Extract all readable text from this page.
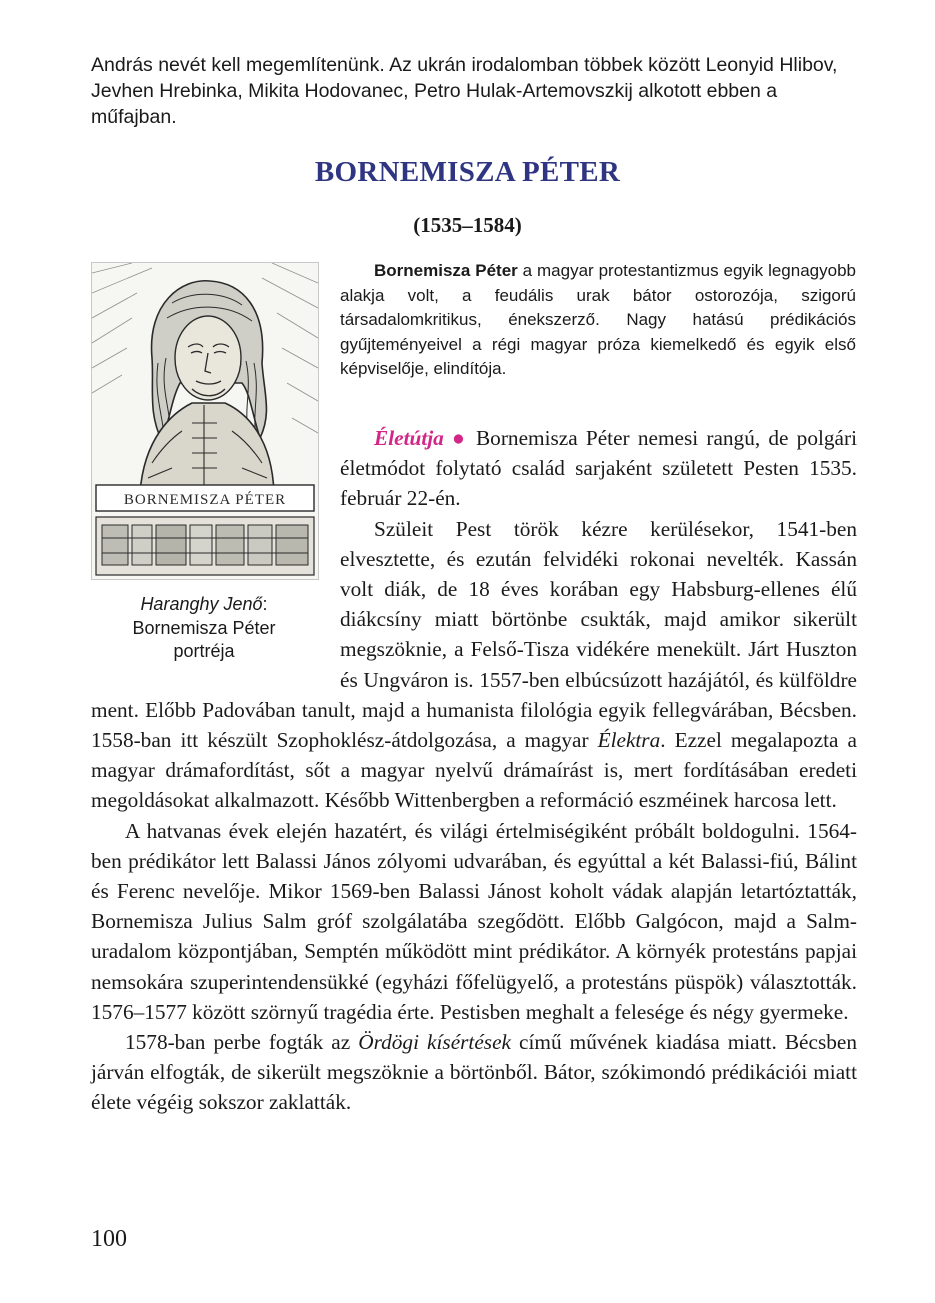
András nevét kell megemlítenünk. Az ukrán irodalomban többek között Leonyid Hlibov, Jevhen Hrebinka, Mikita Hodovanec, Petro Hulak-Artemovszkij alkotott ebben a műfajban.

BORNEMISZA PÉTER
(1535–1584)
BORNEMISZA PÉTER
Haranghy Jenő:
Bornemisza Péter
portréja

Bornemisza Péter a magyar protestantizmus egyik legnagyobb alakja volt, a feudális urak bátor ostorozója, szigorú társadalomkritikus, énekszerző. Nagy hatású prédikációs gyűjteményeivel a régi magyar próza kiemelkedő és egyik első képviselője, elindítója.

Életútja ● Bornemisza Péter nemesi rangú, de polgári életmódot folytató család sarjaként született Pesten 1535. február 22-én.

Szüleit Pest török kézre kerülésekor, 1541-ben elvesztette, és ezután felvidéki rokonai nevelték. Kassán volt diák, de 18 éves korában egy Habsburg-ellenes élű diákcsíny miatt börtönbe csukták, majd amikor sikerült megszöknie, a Felső-Tisza vidékére menekült. Járt Huszton és Ungváron is. 1557-ben elbúcsúzott hazájától, és külföldre ment. Előbb Padovában tanult, majd a humanista filológia egyik fellegvárában, Bécsben. 1558-ban itt készült Szophoklész-átdolgozása, a magyar Élektra. Ezzel megalapozta a magyar drámafordítást, sőt a magyar nyelvű drámaírást is, mert fordításában eredeti megoldásokat alkalmazott. Később Wittenbergben a reformáció eszméinek harcosa lett.

A hatvanas évek elején hazatért, és világi értelmiségiként próbált boldogulni. 1564-ben prédikátor lett Balassi János zólyomi udvarában, és egyúttal a két Balassi-fiú, Bálint és Ferenc nevelője. Mikor 1569-ben Balassi Jánost koholt vádak alapján letartóztatták, Bornemisza Julius Salm gróf szolgálatába szegődött. Előbb Galgócon, majd a Salm-uradalom központjában, Semptén működött mint prédikátor. A környék protestáns papjai nemsokára szuperintendensükké (egyházi főfelügyelő, a protestáns püspök) választották. 1576–1577 között szörnyű tragédia érte. Pestisben meghalt a felesége és négy gyermeke.

1578-ban perbe fogták az Ördögi kísértések című művének kiadása miatt. Bécsben járván elfogták, de sikerült megszöknie a börtönből. Bátor, szókimondó prédikációi miatt élete végéig sokszor zaklatták.

100
